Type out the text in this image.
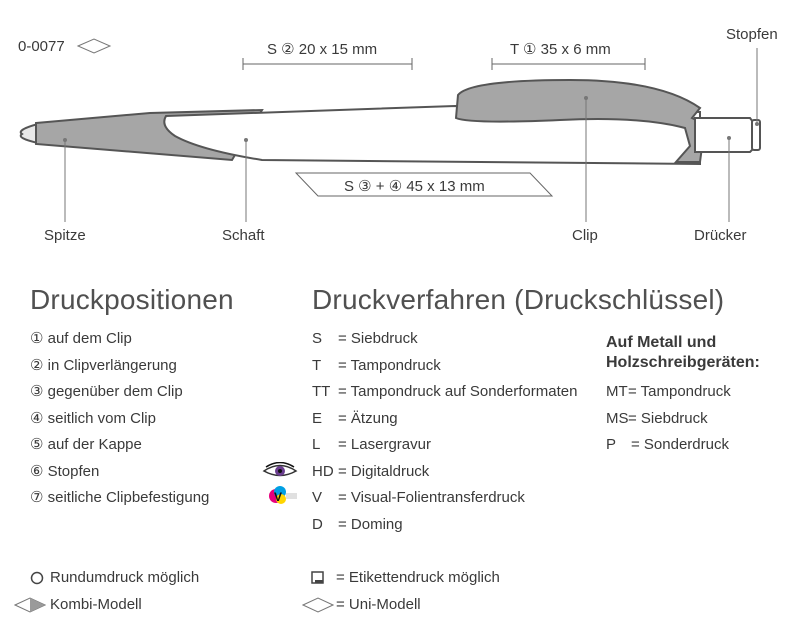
0-0077	S ② 20 x 15 mm	T ① 35 x 6 mm
S ③ + ④ 45 x 13 mm
Stopfen
Spitze	Schaft	Clip	Drücker
Druckpositionen
① auf dem Clip
② in Clipverlängerung
③ gegenüber dem Clip
④ seitlich vom Clip
⑤ auf der Kappe
⑥ Stopfen
⑦ seitliche Clipbefestigung
Druckverfahren (Druckschlüssel)
S = Siebdruck
T = Tampondruck
TT = Tampondruck auf Sonderformaten
E = Ätzung
L = Lasergravur
HD = Digitaldruck
V = Visual-Folientransferdruck
D = Doming
V
Auf Metall und
Holzschreibgeräten:
MT= Tampondruck
MS= Siebdruck
P = Sonderdruck
Rundumdruck möglich
Kombi-Modell
= Etikettendruck möglich
= Uni-Modell
